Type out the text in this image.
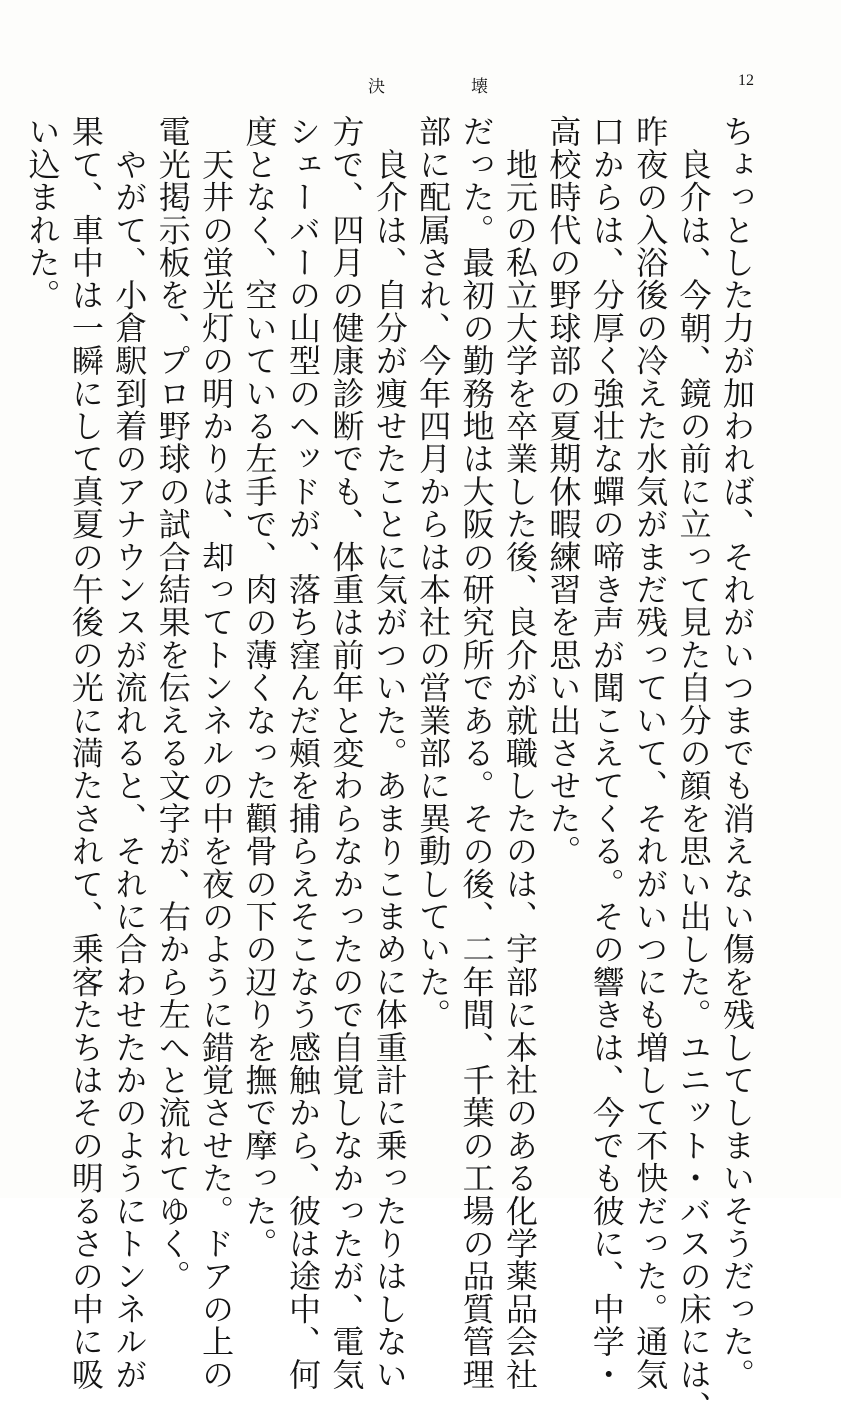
決	壊	12

ちょっとした力が加われば、それがいつまでも消えない傷を残してしまいそうだった。

　良介は、今朝、鏡の前に立って見た自分の顔を思い出した。ユニット・バスの床には、

昨夜の入浴後の冷えた水気がまだ残っていて、それがいつにも増して不快だった。通気

口からは、分厚く強壮な蟬の啼き声が聞こえてくる。その響きは、今でも彼に、中学・

高校時代の野球部の夏期休暇練習を思い出させた。

　地元の私立大学を卒業した後、良介が就職したのは、宇部に本社のある化学薬品会社

だった。最初の勤務地は大阪の研究所である。その後、二年間、千葉の工場の品質管理

部に配属され、今年四月からは本社の営業部に異動していた。

　良介は、自分が痩せたことに気がついた。あまりこまめに体重計に乗ったりはしない

方で、四月の健康診断でも、体重は前年と変わらなかったので自覚しなかったが、電気

シェーバーの山型のヘッドが、落ち窪んだ頰を捕らえそこなう感触から、彼は途中、何

度となく、空いている左手で、肉の薄くなった顴骨の下の辺りを撫で摩った。

　天井の蛍光灯の明かりは、却ってトンネルの中を夜のように錯覚させた。ドアの上の

電光掲示板を、プロ野球の試合結果を伝える文字が、右から左へと流れてゆく。

　やがて、小倉駅到着のアナウンスが流れると、それに合わせたかのようにトンネルが

果て、車中は一瞬にして真夏の午後の光に満たされて、乗客たちはその明るさの中に吸

い込まれた。
